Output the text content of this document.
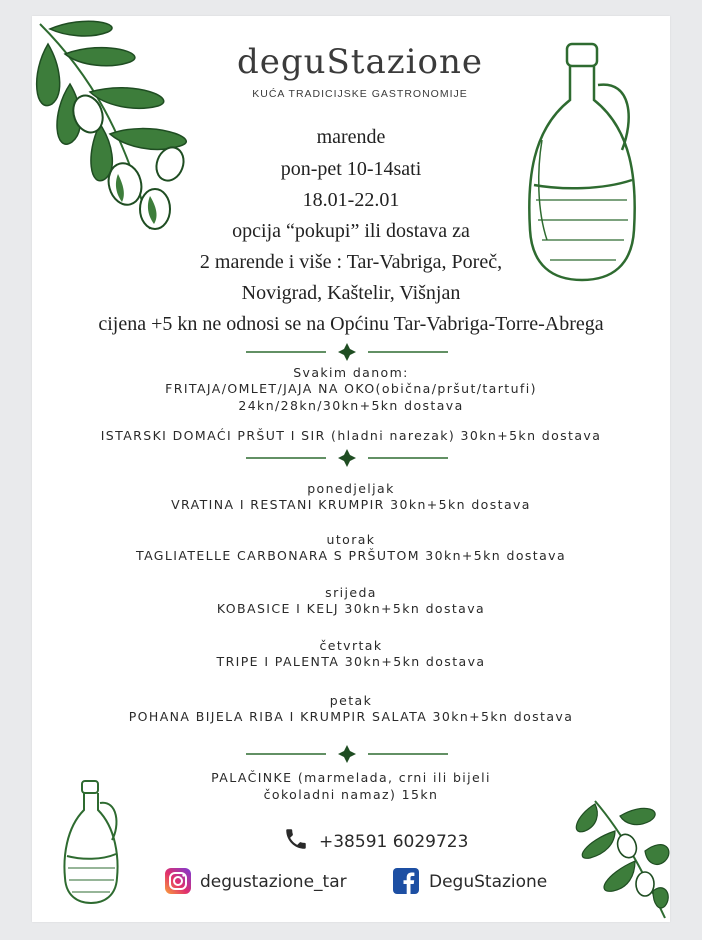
deguStazione
KUĆA TRADICIJSKE GASTRONOMIJE
marende
pon-pet 10-14sati
18.01-22.01
opcija “pokupi” ili dostava za
2 marende i više : Tar-Vabriga, Poreč,
Novigrad, Kaštelir, Višnjan
cijena +5 kn ne odnosi se na Općinu Tar-Vabriga-Torre-Abrega
Svakim danom:
FRITAJA/OMLET/JAJA NA OKO(obična/pršut/tartufi)
24kn/28kn/30kn+5kn dostava
ISTARSKI DOMAĆI PRŠUT I SIR (hladni narezak) 30kn+5kn dostava
ponedjeljak
VRATINA I RESTANI KRUMPIR 30kn+5kn dostava
utorak
TAGLIATELLE CARBONARA S PRŠUTOM 30kn+5kn dostava
srijeda
KOBASICE I KELJ 30kn+5kn dostava
četvrtak
TRIPE I PALENTA 30kn+5kn dostava
petak
POHANA BIJELA RIBA I KRUMPIR SALATA 30kn+5kn dostava
PALAČINKE (marmelada, crni ili bijeli
čokoladni namaz) 15kn
+38591 6029723
degustazione_tar	DeguStazione
